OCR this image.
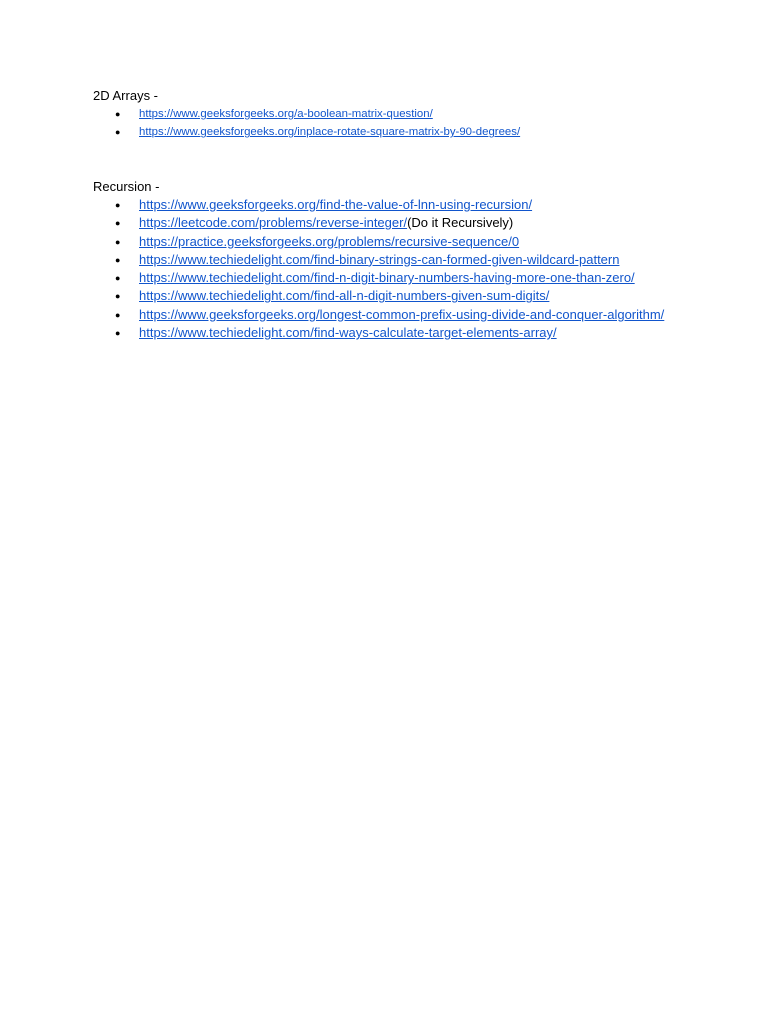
2D Arrays -

● https://www.geeksforgeeks.org/a-boolean-matrix-question/
● https://www.geeksforgeeks.org/inplace-rotate-square-matrix-by-90-degrees/

Recursion -

● https://www.geeksforgeeks.org/find-the-value-of-lnn-using-recursion/
● https://leetcode.com/problems/reverse-integer/(Do it Recursively)
● https://practice.geeksforgeeks.org/problems/recursive-sequence/0
● https://www.techiedelight.com/find-binary-strings-can-formed-given-wildcard-pattern
● https://www.techiedelight.com/find-n-digit-binary-numbers-having-more-one-than-zero/
● https://www.techiedelight.com/find-all-n-digit-numbers-given-sum-digits/
● https://www.geeksforgeeks.org/longest-common-prefix-using-divide-and-conquer-algorithm/
● https://www.techiedelight.com/find-ways-calculate-target-elements-array/
